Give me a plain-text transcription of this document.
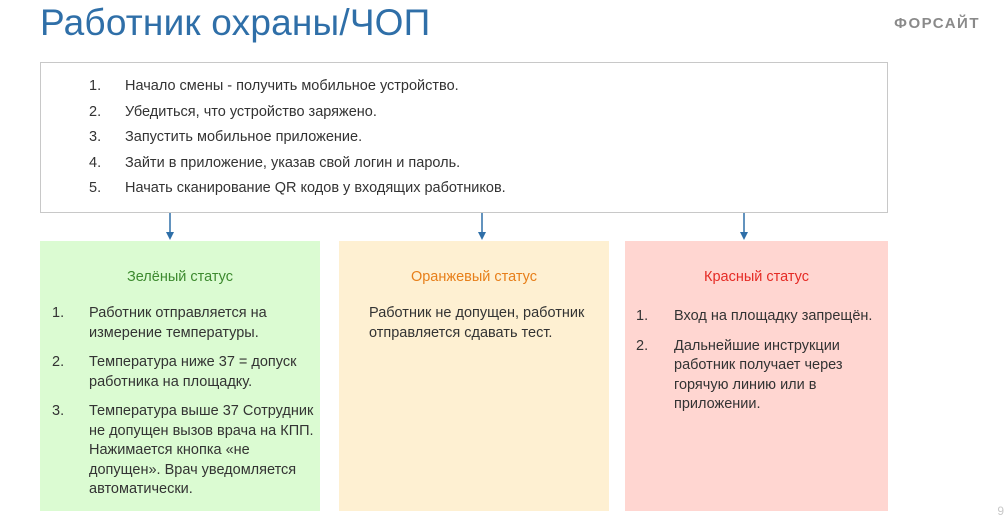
Работник охраны/ЧОП	ФОРСАЙТ
1. Начало смены - получить мобильное устройство.
2. Убедиться, что устройство заряжено.
3. Запустить мобильное приложение.
4. Зайти в приложение, указав свой логин и пароль.
5. Начать сканирование QR кодов у входящих работников.
Зелёный статус
1. Работник отправляется на измерение температуры.
2. Температура ниже 37 = допуск работника на площадку.
3. Температура выше 37 Сотрудник не допущен вызов врача на КПП. Нажимается кнопка «не допущен». Врач уведомляется автоматически.
Оранжевый статус
Работник не допущен, работник отправляется сдавать тест.
Красный статус
1. Вход на площадку запрещён.
2. Дальнейшие инструкции работник получает через горячую линию или в приложении.
9
